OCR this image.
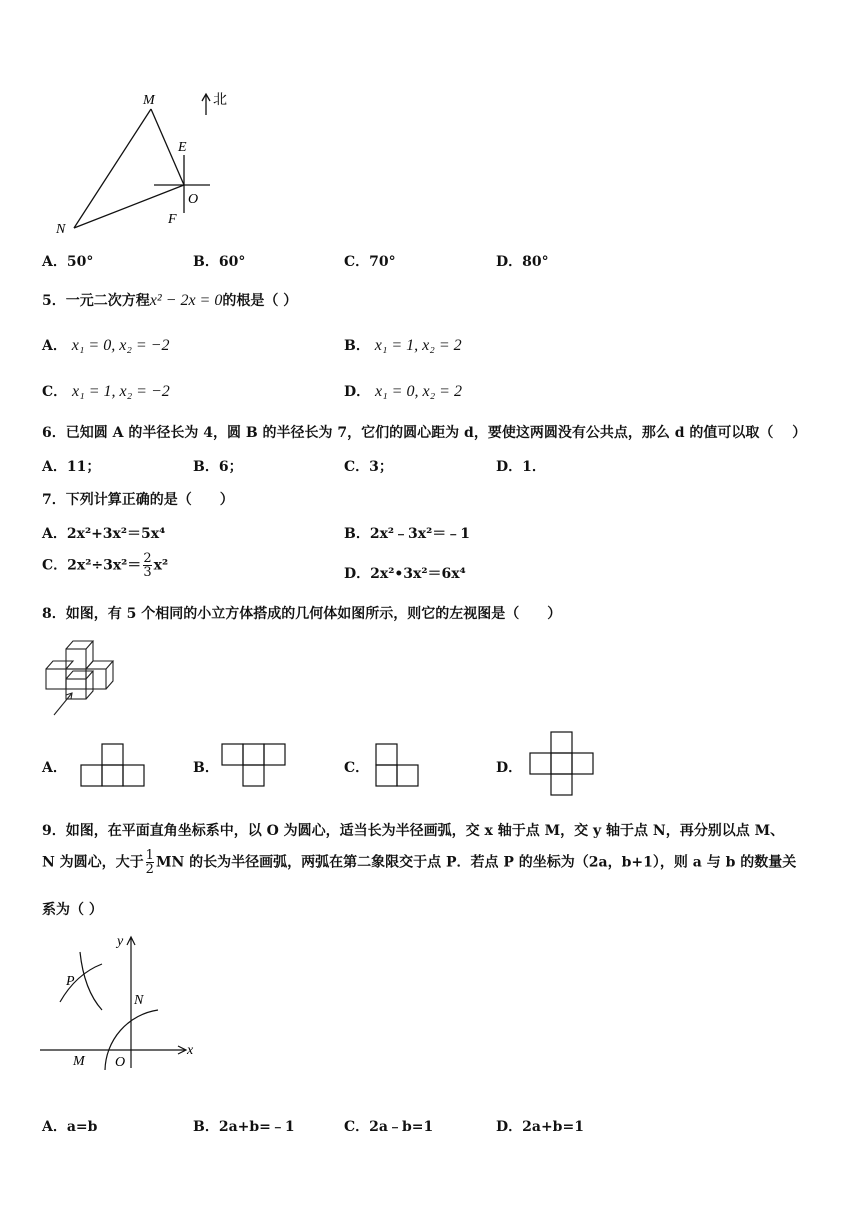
北
M
E
O
F
N
A．50°	B．60°	C．70°	D．80°
5．一元二次方程x² − 2x = 0的根是（ ）
A． x₁ = 0, x₂ = −2	B． x₁ = 1, x₂ = 2
C． x₁ = 1, x₂ = −2	D． x₁ = 0, x₂ = 2
6．已知圆 A 的半径长为 4，圆 B 的半径长为 7，它们的圆心距为 d，要使这两圆没有公共点，那么 d 的值可以取（　 ）
A．11；	B．6；	C．3；	D．1．
7．下列计算正确的是（　　）
A．2x²+3x²＝5x⁴	B．2x²﹣3x²＝﹣1
C．$2x^2\div 3x^2= \frac{2}{3} x^2$
D．2x²•3x²＝6x⁴
8．如图，有 5 个相同的小立方体搭成的几何体如图所示，则它的左视图是（　　）
A．	B．	C．	D．
9．如图，在平面直角坐标系中，以 O 为圆心，适当长为半径画弧，交 x 轴于点 M，交 y 轴于点 N，再分别以点 M、
N 为圆心，大于 $\frac{1}{2}$ MN 的长为半径画弧，两弧在第二象限交于点 P．若点 P 的坐标为（2a，b+1），则 a 与 b 的数量关
系为（ ）
y
x
P
N
M O
A．a=b	B．2a+b=﹣1	C．2a﹣b=1	D．2a+b=1
